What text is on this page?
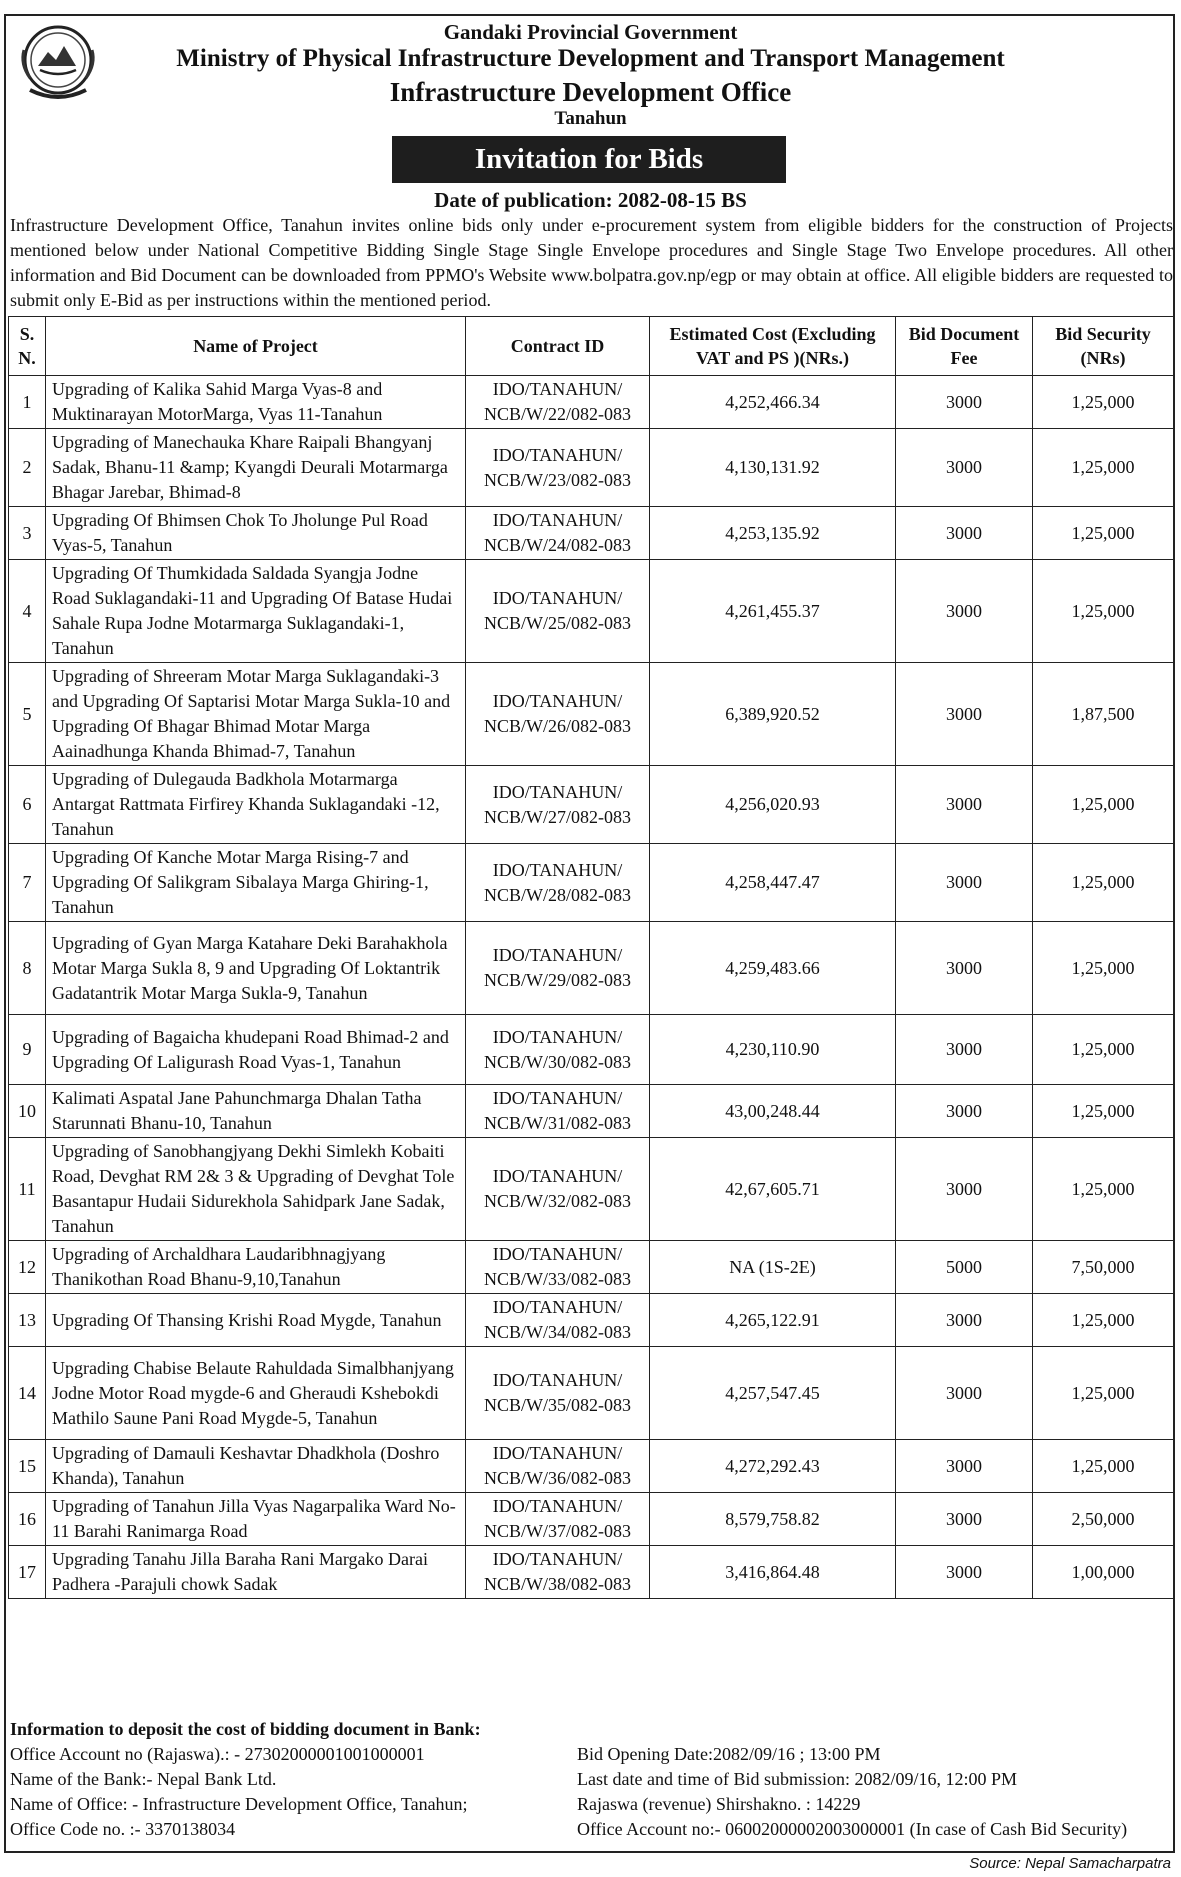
Gandaki Provincial Government
Ministry of Physical Infrastructure Development and Transport Management
Infrastructure Development Office
Tanahun
Invitation for Bids
Date of publication: 2082-08-15 BS
Infrastructure Development Office, Tanahun invites online bids only under e-procurement system from eligible bidders for the construction of Projects mentioned below under National Competitive Bidding Single Stage Single Envelope procedures and Single Stage Two Envelope procedures. All other information and Bid Document can be downloaded from PPMO's Website www.bolpatra.gov.np/egp or may obtain at office. All eligible bidders are requested to submit only E-Bid as per instructions within the mentioned period.
S. N.	Name of Project	Contract ID	Estimated Cost (Excluding VAT and PS )(NRs.)	Bid Document Fee	Bid Security (NRs)
1	Upgrading of Kalika Sahid Marga Vyas-8 and Muktinarayan MotorMarga, Vyas 11-Tanahun	IDO/TANAHUN/ NCB/W/22/082-083	4,252,466.34	3000	1,25,000
2	Upgrading of Manechauka Khare Raipali Bhangyanj Sadak, Bhanu-11 &amp; Kyangdi Deurali Motarmarga Bhagar Jarebar, Bhimad-8	IDO/TANAHUN/ NCB/W/23/082-083	4,130,131.92	3000	1,25,000
3	Upgrading Of Bhimsen Chok To Jholunge Pul Road Vyas-5, Tanahun	IDO/TANAHUN/ NCB/W/24/082-083	4,253,135.92	3000	1,25,000
4	Upgrading Of Thumkidada Saldada Syangja Jodne Road Suklagandaki-11 and Upgrading Of Batase Hudai Sahale Rupa Jodne Motarmarga Suklagandaki-1, Tanahun	IDO/TANAHUN/ NCB/W/25/082-083	4,261,455.37	3000	1,25,000
5	Upgrading of Shreeram Motar Marga Suklagandaki-3 and Upgrading Of Saptarisi Motar Marga Sukla-10 and Upgrading Of Bhagar Bhimad Motar Marga Aainadhunga Khanda Bhimad-7, Tanahun	IDO/TANAHUN/ NCB/W/26/082-083	6,389,920.52	3000	1,87,500
6	Upgrading of Dulegauda Badkhola Motarmarga Antargat Rattmata Firfirey Khanda Suklagandaki -12, Tanahun	IDO/TANAHUN/ NCB/W/27/082-083	4,256,020.93	3000	1,25,000
7	Upgrading Of Kanche Motar Marga Rising-7 and Upgrading Of Salikgram Sibalaya Marga Ghiring-1, Tanahun	IDO/TANAHUN/ NCB/W/28/082-083	4,258,447.47	3000	1,25,000
8	Upgrading of Gyan Marga Katahare Deki Barahakhola Motar Marga Sukla 8, 9 and Upgrading Of Loktantrik Gadatantrik Motar Marga Sukla-9, Tanahun	IDO/TANAHUN/ NCB/W/29/082-083	4,259,483.66	3000	1,25,000
9	Upgrading of Bagaicha khudepani Road Bhimad-2 and Upgrading Of Laligurash Road Vyas-1, Tanahun	IDO/TANAHUN/ NCB/W/30/082-083	4,230,110.90	3000	1,25,000
10	Kalimati Aspatal Jane Pahunchmarga Dhalan Tatha Starunnati Bhanu-10, Tanahun	IDO/TANAHUN/ NCB/W/31/082-083	43,00,248.44	3000	1,25,000
11	Upgrading of Sanobhangjyang Dekhi Simlekh Kobaiti Road, Devghat RM 2& 3 & Upgrading of Devghat Tole Basantapur Hudaii Sidurekhola Sahidpark Jane Sadak, Tanahun	IDO/TANAHUN/ NCB/W/32/082-083	42,67,605.71	3000	1,25,000
12	Upgrading of Archaldhara Laudaribhnagjyang Thanikothan Road Bhanu-9,10,Tanahun	IDO/TANAHUN/ NCB/W/33/082-083	NA (1S-2E)	5000	7,50,000
13	Upgrading Of Thansing Krishi Road Mygde, Tanahun	IDO/TANAHUN/ NCB/W/34/082-083	4,265,122.91	3000	1,25,000
14	Upgrading Chabise Belaute Rahuldada Simalbhanjyang Jodne Motor Road mygde-6 and Gheraudi Kshebokdi Mathilo Saune Pani Road Mygde-5, Tanahun	IDO/TANAHUN/ NCB/W/35/082-083	4,257,547.45	3000	1,25,000
15	Upgrading of Damauli Keshavtar Dhadkhola (Doshro Khanda), Tanahun	IDO/TANAHUN/ NCB/W/36/082-083	4,272,292.43	3000	1,25,000
16	Upgrading of Tanahun Jilla Vyas Nagarpalika Ward No-11 Barahi Ranimarga Road	IDO/TANAHUN/ NCB/W/37/082-083	8,579,758.82	3000	2,50,000
17	Upgrading Tanahu Jilla Baraha Rani Margako Darai Padhera -Parajuli chowk Sadak	IDO/TANAHUN/ NCB/W/38/082-083	3,416,864.48	3000	1,00,000
Information to deposit the cost of bidding document in Bank:
Office Account no (Rajaswa).: - 27302000001001000001
Name of the Bank:- Nepal Bank Ltd.
Name of Office: - Infrastructure Development Office, Tanahun;
Office Code no. :- 3370138034
Bid Opening Date:2082/09/16 ; 13:00 PM
Last date and time of Bid submission: 2082/09/16, 12:00 PM
Rajaswa (revenue) Shirshakno. : 14229
Office Account no:- 06002000002003000001 (In case of Cash Bid Security)
Source: Nepal Samacharpatra
